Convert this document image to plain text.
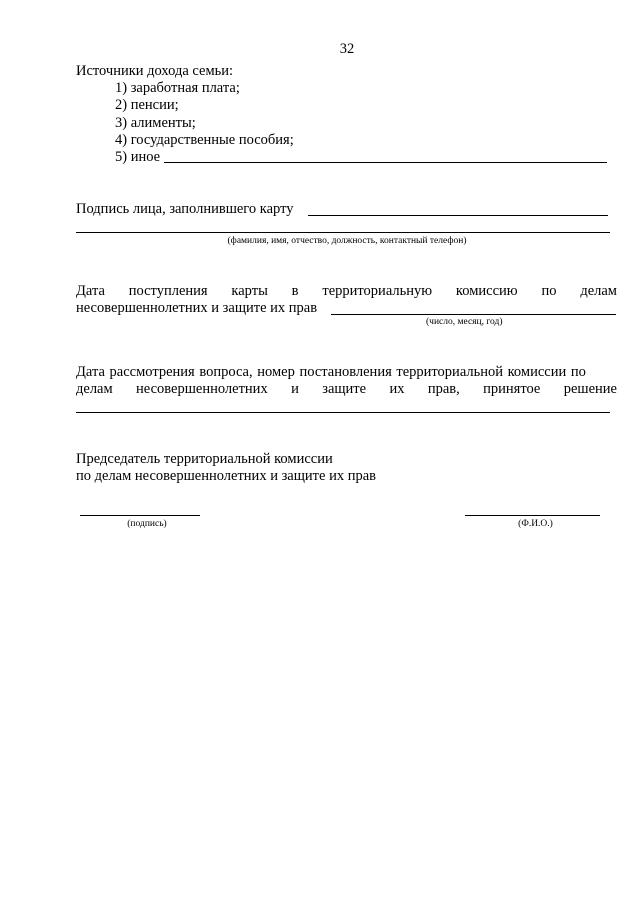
32
Источники дохода семьи:
1) заработная плата;
2) пенсии;
3) алименты;
4) государственные пособия;
5) иное
Подпись лица, заполнившего карту
(фамилия, имя, отчество, должность, контактный телефон)
Дата поступления карты в территориальную комиссию по делам
несовершеннолетних и защите их прав
(число, месяц, год)
Дата рассмотрения вопроса, номер постановления территориальной комиссии по
делам несовершеннолетних и защите их прав, принятое решение
Председатель территориальной комиссии
по делам несовершеннолетних и защите их прав
(подпись)	(Ф.И.О.)
